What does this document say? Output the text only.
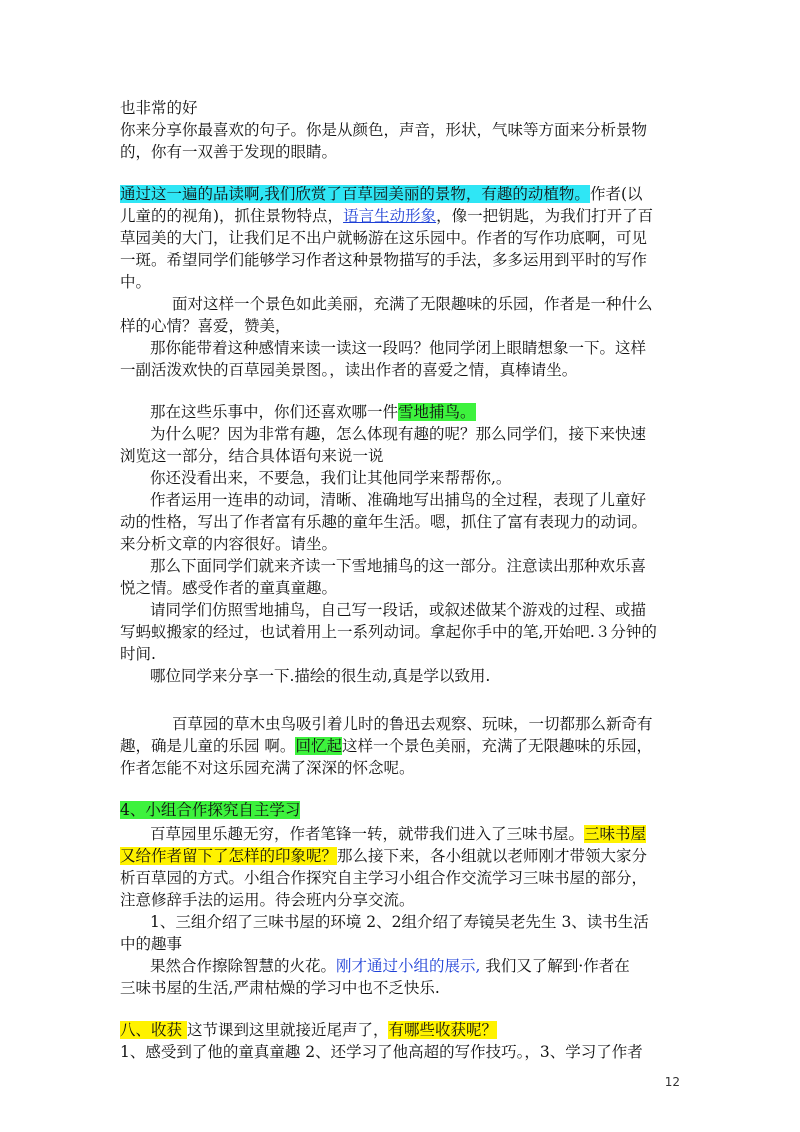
也非常的好
你来分享你最喜欢的句子。你是从颜色，声音，形状，气味等方面来分析景物
的，你有一双善于发现的眼睛。
通过这一遍的品读啊,我们欣赏了百草园美丽的景物，有趣的动植物。作者(以
儿童的的视角)，抓住景物特点，语言生动形象，像一把钥匙，为我们打开了百
草园美的大门，让我们足不出户就畅游在这乐园中。作者的写作功底啊，可见
一斑。希望同学们能够学习作者这种景物描写的手法，多多运用到平时的写作
中。
面对这样一个景色如此美丽，充满了无限趣味的乐园，作者是一种什么
样的心情？喜爱，赞美，
那你能带着这种感情来读一读这一段吗？他同学闭上眼睛想象一下。这样
一副活泼欢快的百草园美景图。，读出作者的喜爱之情，真棒请坐。
那在这些乐事中，你们还喜欢哪一件雪地捕鸟。
为什么呢？因为非常有趣，怎么体现有趣的呢？那么同学们，接下来快速
浏览这一部分，结合具体语句来说一说
你还没看出来，不要急，我们让其他同学来帮帮你,。
作者运用一连串的动词，清晰、准确地写出捕鸟的全过程，表现了儿童好
动的性格，写出了作者富有乐趣的童年生活。嗯，抓住了富有表现力的动词。
来分析文章的内容很好。请坐。
那么下面同学们就来齐读一下雪地捕鸟的这一部分。注意读出那种欢乐喜
悦之情。感受作者的童真童趣。
请同学们仿照雪地捕鸟，自己写一段话，或叙述做某个游戏的过程、或描
写蚂蚁搬家的经过，也试着用上一系列动词。拿起你手中的笔,开始吧.３分钟的
时间.
哪位同学来分享一下.描绘的很生动,真是学以致用.
百草园的草木虫鸟吸引着儿时的鲁迅去观察、玩味，一切都那么新奇有
趣，确是儿童的乐园 啊。回忆起这样一个景色美丽，充满了无限趣味的乐园，
作者怎能不对这乐园充满了深深的怀念呢。
4、小组合作探究自主学习
百草园里乐趣无穷，作者笔锋一转，就带我们进入了三味书屋。三味书屋
又给作者留下了怎样的印象呢？那么接下来，各小组就以老师刚才带领大家分
析百草园的方式。小组合作探究自主学习小组合作交流学习三味书屋的部分，
注意修辞手法的运用。待会班内分享交流。
1、三组介绍了三味书屋的环境 2、2组介绍了寿镜吴老先生 3、读书生活
中的趣事
果然合作擦除智慧的火花。刚才通过小组的展示, 我们又了解到·作者在
三味书屋的生活,严肃枯燥的学习中也不乏快乐.
八、收获 这节课到这里就接近尾声了，有哪些收获呢？
1、感受到了他的童真童趣 2、还学习了他高超的写作技巧。，3、学习了作者
12
